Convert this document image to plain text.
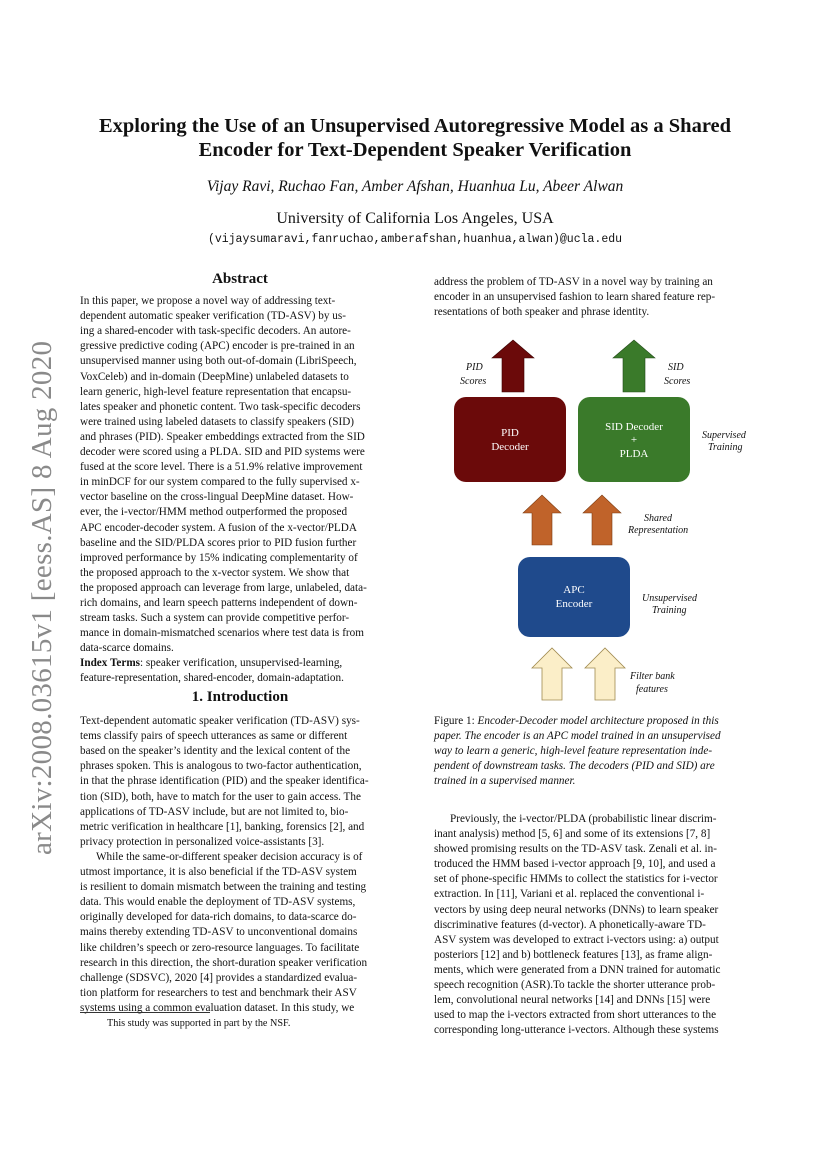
arXiv:2008.03615v1 [eess.AS] 8 Aug 2020
Exploring the Use of an Unsupervised Autoregressive Model as a Shared
Encoder for Text-Dependent Speaker Verification
Vijay Ravi, Ruchao Fan, Amber Afshan, Huanhua Lu, Abeer Alwan
University of California Los Angeles, USA
(vijaysumaravi,fanruchao,amberafshan,huanhua,alwan)@ucla.edu
Abstract
In this paper, we propose a novel way of addressing text-
dependent automatic speaker verification (TD-ASV) by us-
ing a shared-encoder with task-specific decoders. An autore-
gressive predictive coding (APC) encoder is pre-trained in an
unsupervised manner using both out-of-domain (LibriSpeech,
VoxCeleb) and in-domain (DeepMine) unlabeled datasets to
learn generic, high-level feature representation that encapsu-
lates speaker and phonetic content. Two task-specific decoders
were trained using labeled datasets to classify speakers (SID)
and phrases (PID). Speaker embeddings extracted from the SID
decoder were scored using a PLDA. SID and PID systems were
fused at the score level. There is a 51.9% relative improvement
in minDCF for our system compared to the fully supervised x-
vector baseline on the cross-lingual DeepMine dataset. How-
ever, the i-vector/HMM method outperformed the proposed
APC encoder-decoder system. A fusion of the x-vector/PLDA
baseline and the SID/PLDA scores prior to PID fusion further
improved performance by 15% indicating complementarity of
the proposed approach to the x-vector system. We show that
the proposed approach can leverage from large, unlabeled, data-
rich domains, and learn speech patterns independent of down-
stream tasks. Such a system can provide competitive perfor-
mance in domain-mismatched scenarios where test data is from
data-scarce domains.
Index Terms: speaker verification, unsupervised-learning,
feature-representation, shared-encoder, domain-adaptation.
1. Introduction
Text-dependent automatic speaker verification (TD-ASV) sys-
tems classify pairs of speech utterances as same or different
based on the speaker’s identity and the lexical content of the
phrases spoken. This is analogous to two-factor authentication,
in that the phrase identification (PID) and the speaker identifica-
tion (SID), both, have to match for the user to gain access. The
applications of TD-ASV include, but are not limited to, bio-
metric verification in healthcare [1], banking, forensics [2], and
privacy protection in personalized voice-assistants [3].
While the same-or-different speaker decision accuracy is of
utmost importance, it is also beneficial if the TD-ASV system
is resilient to domain mismatch between the training and testing
data. This would enable the deployment of TD-ASV systems,
originally developed for data-rich domains, to data-scarce do-
mains thereby extending TD-ASV to unconventional domains
like children’s speech or zero-resource languages. To facilitate
research in this direction, the short-duration speaker verification
challenge (SDSVC), 2020 [4] provides a standardized evalua-
tion platform for researchers to test and benchmark their ASV
systems using a common evaluation dataset. In this study, we
This study was supported in part by the NSF.
address the problem of TD-ASV in a novel way by training an
encoder in an unsupervised fashion to learn shared feature rep-
resentations of both speaker and phrase identity.
PID
Scores
SID
Scores
Supervised
Training
Shared
Representation
Unsupervised
Training
Filter bank
features
PID
Decoder
SID Decoder
+
PLDA
APC
Encoder
Figure 1: Encoder-Decoder model architecture proposed in this
paper. The encoder is an APC model trained in an unsupervised
way to learn a generic, high-level feature representation inde-
pendent of downstream tasks. The decoders (PID and SID) are
trained in a supervised manner.
Previously, the i-vector/PLDA (probabilistic linear discrim-
inant analysis) method [5, 6] and some of its extensions [7, 8]
showed promising results on the TD-ASV task. Zenali et al. in-
troduced the HMM based i-vector approach [9, 10], and used a
set of phone-specific HMMs to collect the statistics for i-vector
extraction. In [11], Variani et al. replaced the conventional i-
vectors by using deep neural networks (DNNs) to learn speaker
discriminative features (d-vector). A phonetically-aware TD-
ASV system was developed to extract i-vectors using: a) output
posteriors [12] and b) bottleneck features [13], as frame align-
ments, which were generated from a DNN trained for automatic
speech recognition (ASR).To tackle the shorter utterance prob-
lem, convolutional neural networks [14] and DNNs [15] were
used to map the i-vectors extracted from short utterances to the
corresponding long-utterance i-vectors. Although these systems
